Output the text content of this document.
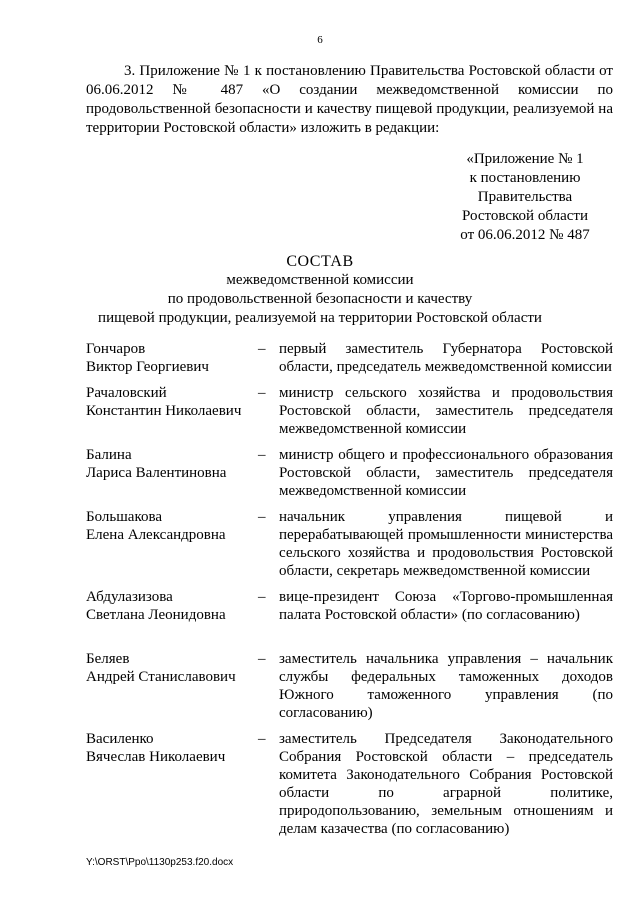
6

3. Приложение № 1 к постановлению Правительства Ростовской области от 06.06.2012 № 487 «О создании межведомственной комиссии по продовольственной безопасности и качеству пищевой продукции, реализуемой на территории Ростовской области» изложить в редакции:

«Приложение № 1
к постановлению
Правительства
Ростовской области
от 06.06.2012 № 487
СОСТАВ
межведомственной комиссии
по продовольственной безопасности и качеству
пищевой продукции, реализуемой на территории Ростовской области
Гончаров
Виктор Георгиевич
– первый заместитель Губернатора Ростовской области, председатель межведомственной комиссии
Рачаловский
Константин Николаевич
– министр сельского хозяйства и продовольствия Ростовской области, заместитель председателя межведомственной комиссии
Балина
Лариса Валентиновна
– министр общего и профессионального образования Ростовской области, заместитель председателя межведомственной комиссии
Большакова
Елена Александровна
– начальник управления пищевой и перерабатывающей промышленности министерства сельского хозяйства и продовольствия Ростовской области, секретарь межведомственной комиссии
Абдулазизова
Светлана Леонидовна
– вице-президент Союза «Торгово-промышленная палата Ростовской области» (по согласованию)
Беляев
Андрей Станиславович
– заместитель начальника управления – начальник службы федеральных таможенных доходов Южного таможенного управления (по согласованию)
Василенко
Вячеслав Николаевич
– заместитель Председателя Законодательного Собрания Ростовской области – председатель комитета Законодательного Собрания Ростовской области по аграрной политике, природопользованию, земельным отношениям и делам казачества (по согласованию)
Y:\ORST\Ppo\1130p253.f20.docx
